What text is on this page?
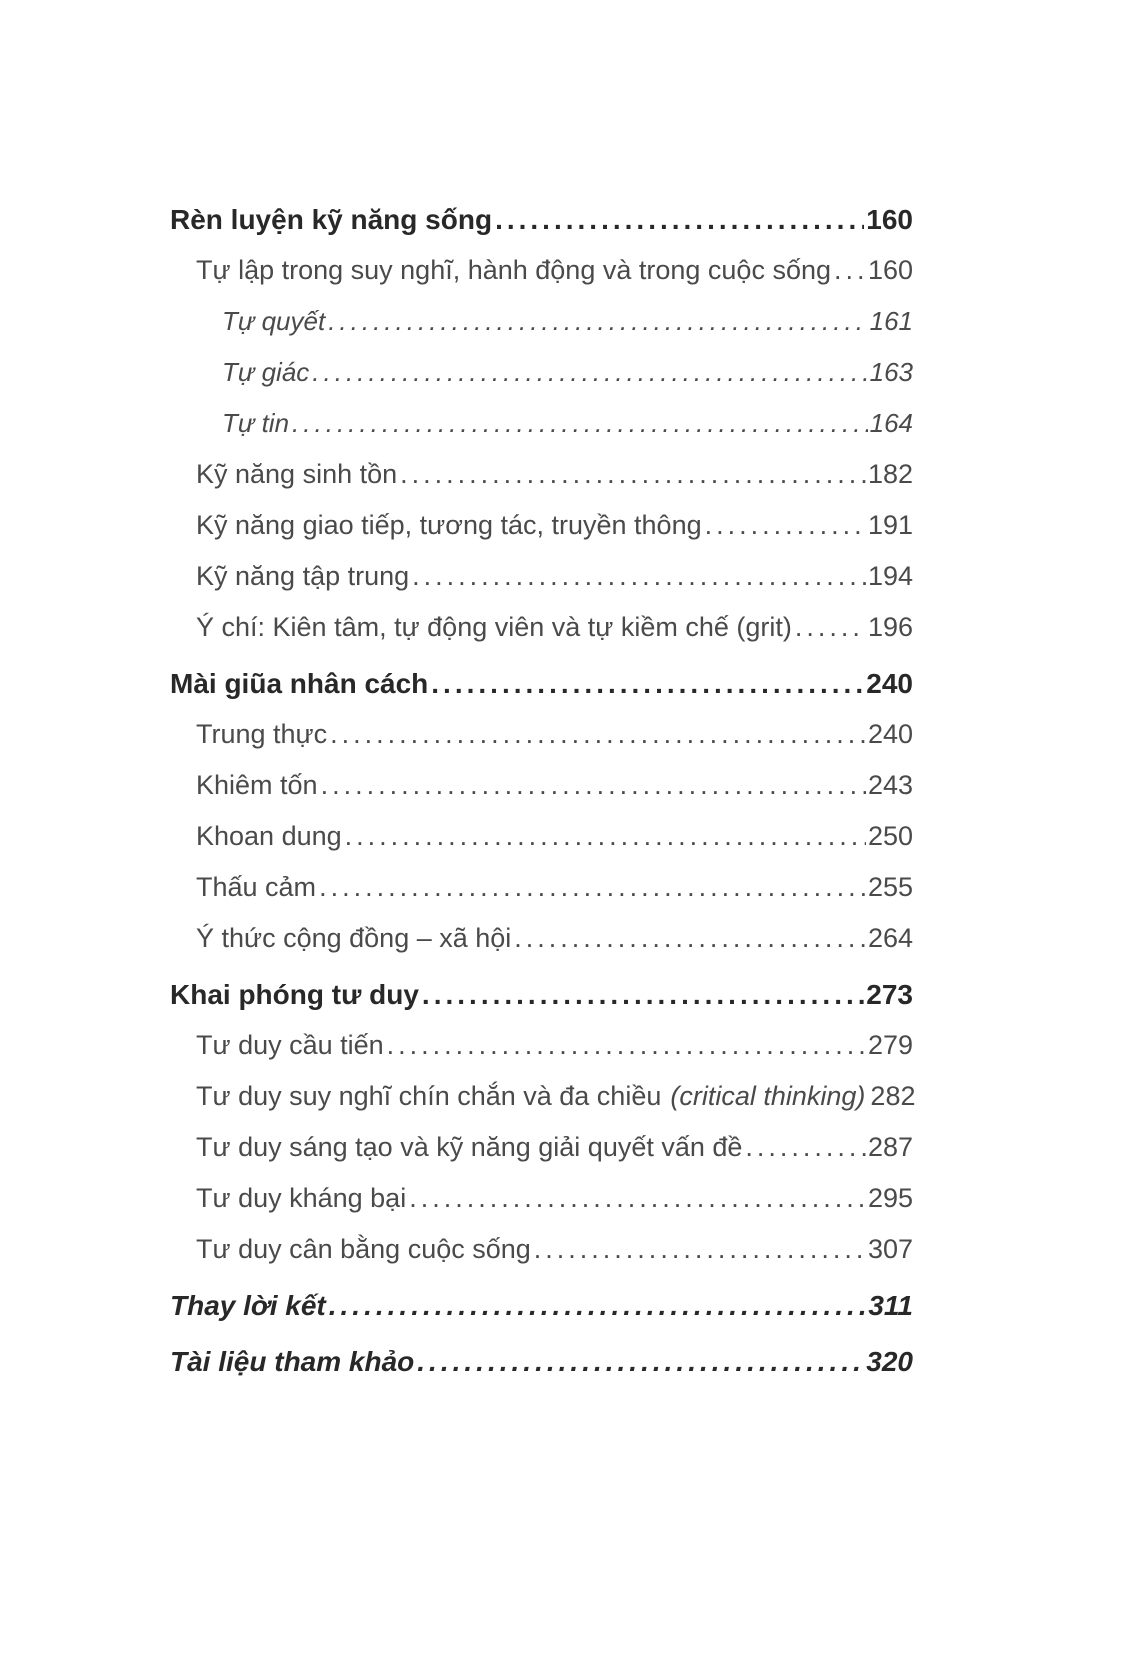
Rèn luyện kỹ năng sống .....	160
Tự lập trong suy nghĩ, hành động và trong cuộc sống ..... 160
Tự quyết .....	161
Tự giác .....	163
Tự tin .....	164
Kỹ năng sinh tồn .....	182
Kỹ năng giao tiếp, tương tác, truyền thông .....	191
Kỹ năng tập trung .....	194
Ý chí: Kiên tâm, tự động viên và tự kiềm chế (grit) .....	196
Mài giũa nhân cách .....	240
Trung thực .....	240
Khiêm tốn .....	243
Khoan dung .....	250
Thấu cảm .....	255
Ý thức cộng đồng – xã hội .....	264
Khai phóng tư duy .....	273
Tư duy cầu tiến .....	279
Tư duy suy nghĩ chín chắn và đa chiều (critical thinking) 282
Tư duy sáng tạo và kỹ năng giải quyết vấn đề .....	287
Tư duy kháng bại .....	295
Tư duy cân bằng cuộc sống .....	307
Thay lời kết .....	311
Tài liệu tham khảo .....	320
